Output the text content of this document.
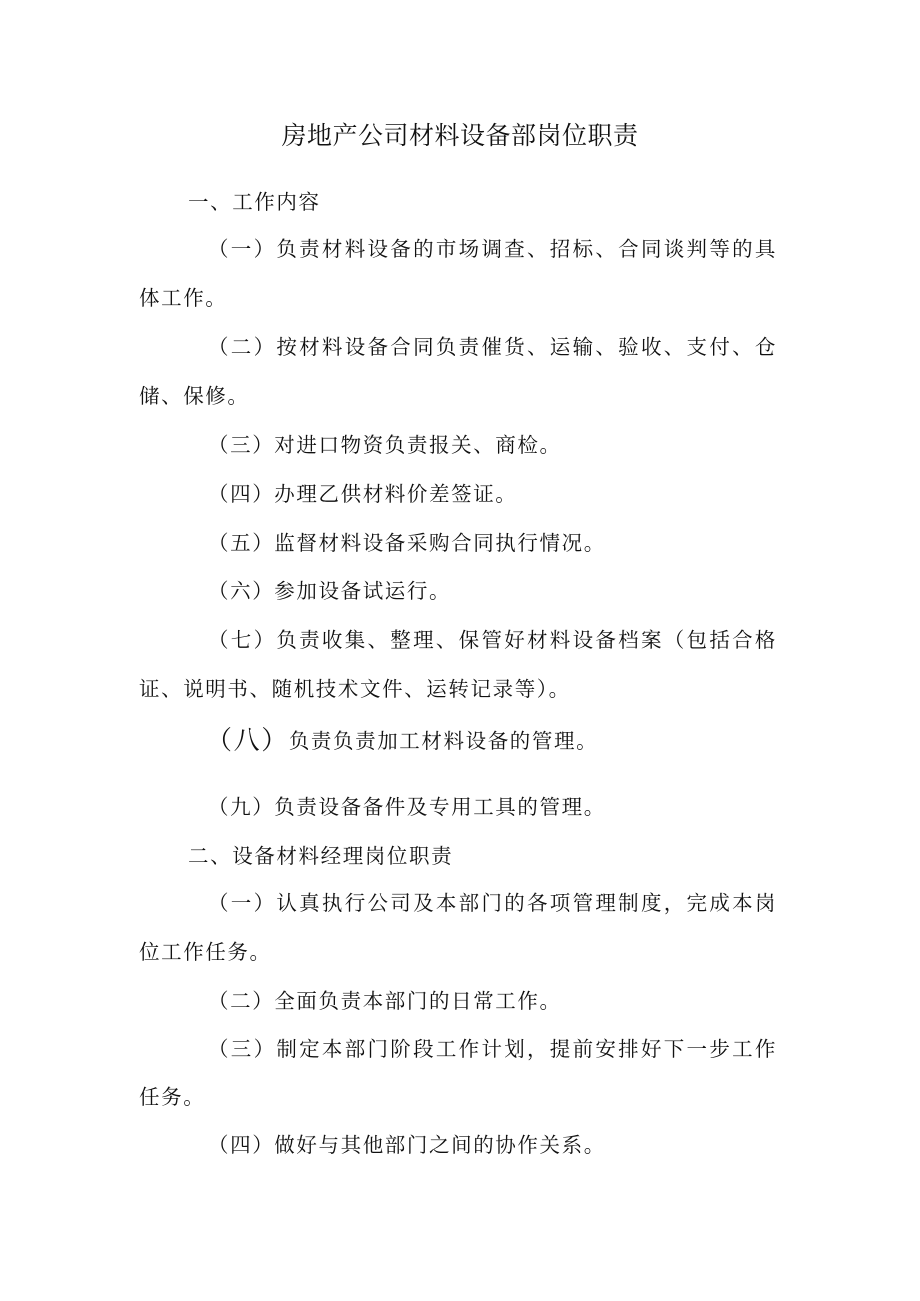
房地产公司材料设备部岗位职责
一、工作内容
（一）负责材料设备的市场调查、招标、合同谈判等的具
体工作。
（二）按材料设备合同负责催货、运输、验收、支付、仓
储、保修。
（三）对进口物资负责报关、商检。
（四）办理乙供材料价差签证。
（五）监督材料设备采购合同执行情况。
（六）参加设备试运行。
（七）负责收集、整理、保管好材料设备档案（包括合格
证、说明书、随机技术文件、运转记录等）。
（八）负责负责加工材料设备的管理。
（九）负责设备备件及专用工具的管理。
二、设备材料经理岗位职责
（一）认真执行公司及本部门的各项管理制度，完成本岗
位工作任务。
（二）全面负责本部门的日常工作。
（三）制定本部门阶段工作计划，提前安排好下一步工作
任务。
（四）做好与其他部门之间的协作关系。
